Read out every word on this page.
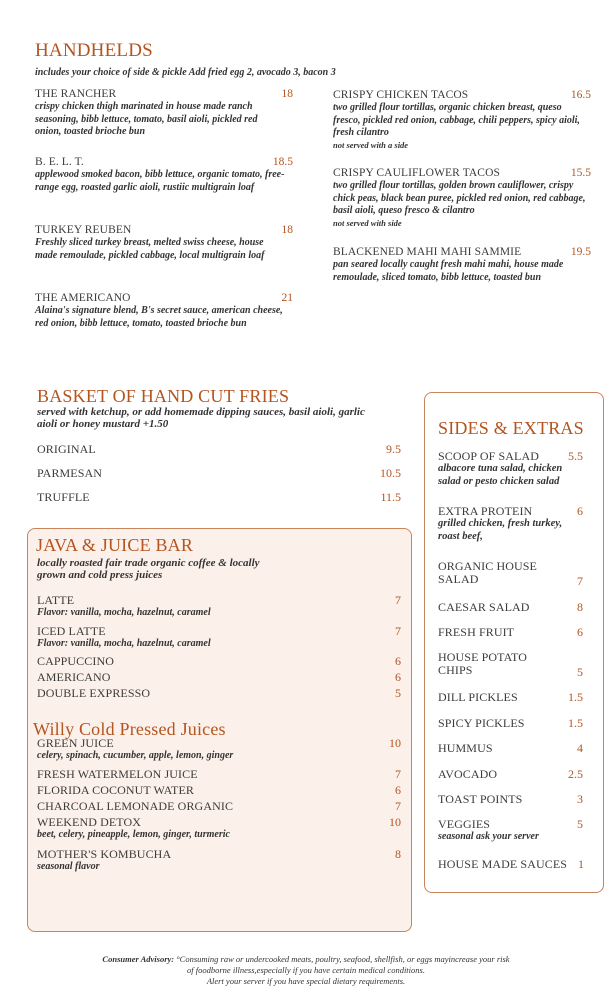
HANDHELDS
includes your choice of side & pickle Add fried egg 2, avocado 3, bacon 3
THE RANCHER	18
crispy chicken thigh marinated in house made ranch seasoning, bibb lettuce, tomato, basil aioli, pickled red onion, toasted brioche bun
B. E. L. T.	18.5
applewood smoked bacon, bibb lettuce, organic tomato, free-range egg, roasted garlic aioli, rustiic multigrain loaf
TURKEY REUBEN	18
Freshly sliced turkey breast, melted swiss cheese, house made remoulade, pickled cabbage, local multigrain loaf
THE AMERICANO	21
Alaina's signature blend, B's secret sauce, american cheese, red onion, bibb lettuce, tomato, toasted brioche bun
CRISPY CHICKEN TACOS	16.5
two grilled flour tortillas, organic chicken breast, queso fresco, pickled red onion, cabbage, chili peppers, spicy aioli, fresh cilantro
not served with a side
CRISPY CAULIFLOWER TACOS	15.5
two grilled flour tortillas, golden brown cauliflower, crispy chick peas, black bean puree, pickled red onion, red cabbage, basil aioli, queso fresco & cilantro
not served with side
BLACKENED MAHI MAHI SAMMIE	19.5
pan seared locally caught fresh mahi mahi, house made remoulade, sliced tomato, bibb lettuce, toasted bun
BASKET OF HAND CUT FRIES
served with ketchup, or add homemade dipping sauces, basil aioli, garlic aioli or honey mustard +1.50
ORIGINAL	9.5
PARMESAN	10.5
TRUFFLE	11.5
JAVA & JUICE BAR
locally roasted fair trade organic coffee & locally grown and cold press juices
LATTE	7
Flavor: vanilla, mocha, hazelnut, caramel
ICED LATTE	7
Flavor: vanilla, mocha, hazelnut, caramel
CAPPUCCINO	6
AMERICANO	6
DOUBLE EXPRESSO	5
Willy Cold Pressed Juices
GREEN JUICE	10
celery, spinach, cucumber, apple, lemon, ginger
FRESH WATERMELON JUICE	7
FLORIDA COCONUT WATER	6
CHARCOAL LEMONADE ORGANIC	7
WEEKEND DETOX	10
beet, celery, pineapple, lemon, ginger, turmeric
MOTHER'S KOMBUCHA	8
seasonal flavor
SIDES & EXTRAS
SCOOP OF SALAD	5.5
albacore tuna salad, chicken salad or pesto chicken salad
EXTRA PROTEIN	6
grilled chicken, fresh turkey, roast beef,
ORGANIC HOUSE SALAD	7
CAESAR SALAD	8
FRESH FRUIT	6
HOUSE POTATO CHIPS	5
DILL PICKLES	1.5
SPICY PICKLES	1.5
HUMMUS	4
AVOCADO	2.5
TOAST POINTS	3
VEGGIES	5
seasonal ask your server
HOUSE MADE SAUCES 1
Consumer Advisory: °Consuming raw or undercooked meats, poultry, seafood, shellfish, or eggs mayincrease your risk
of foodborne illness,especially if you have certain medical conditions.
Alert your server if you have special dietary requirements.
